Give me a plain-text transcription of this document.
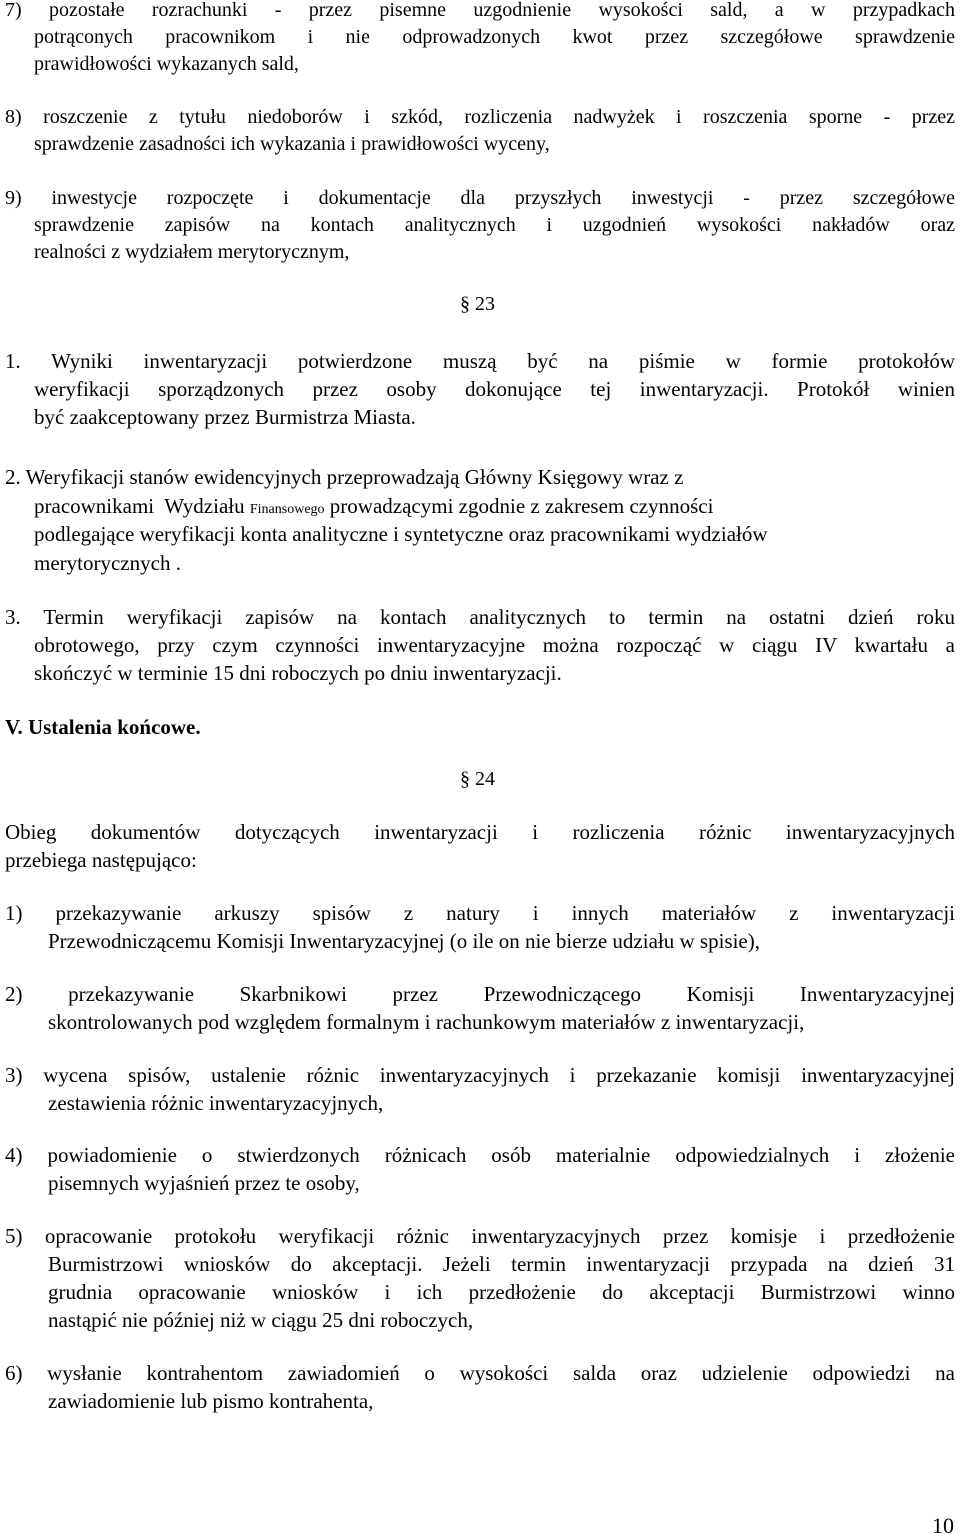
7) pozostałe rozrachunki - przez pisemne uzgodnienie wysokości sald, a w przypadkach
potrąconych pracownikom i nie odprowadzonych kwot przez szczegółowe sprawdzenie
prawidłowości wykazanych sald,
8) roszczenie z tytułu niedoborów i szkód, rozliczenia nadwyżek i roszczenia sporne - przez
sprawdzenie zasadności ich wykazania i prawidłowości wyceny,
9) inwestycje rozpoczęte i dokumentacje dla przyszłych inwestycji - przez szczegółowe
sprawdzenie zapisów na kontach analitycznych i uzgodnień wysokości nakładów oraz
realności z wydziałem merytorycznym,
§ 23
1. Wyniki inwentaryzacji potwierdzone muszą być na piśmie w formie protokołów
weryfikacji sporządzonych przez osoby dokonujące tej inwentaryzacji. Protokół winien
być zaakceptowany przez Burmistrza Miasta.
2. Weryfikacji stanów ewidencyjnych przeprowadzają Główny Księgowy wraz z
pracownikami  Wydziału Finansowego prowadzącymi zgodnie z zakresem czynności
podlegające weryfikacji konta analityczne i syntetyczne oraz pracownikami wydziałów
merytorycznych .
3. Termin weryfikacji zapisów na kontach analitycznych to termin na ostatni dzień roku
obrotowego, przy czym czynności inwentaryzacyjne można rozpocząć w ciągu IV kwartału a
skończyć w terminie 15 dni roboczych po dniu inwentaryzacji.
V. Ustalenia końcowe.
§ 24
Obieg dokumentów dotyczących inwentaryzacji i rozliczenia różnic inwentaryzacyjnych
przebiega następująco:
1) przekazywanie arkuszy spisów z natury i innych materiałów z inwentaryzacji
Przewodniczącemu Komisji Inwentaryzacyjnej (o ile on nie bierze udziału w spisie),
2) przekazywanie Skarbnikowi przez Przewodniczącego Komisji Inwentaryzacyjnej
skontrolowanych pod względem formalnym i rachunkowym materiałów z inwentaryzacji,
3) wycena spisów, ustalenie różnic inwentaryzacyjnych i przekazanie komisji inwentaryzacyjnej
zestawienia różnic inwentaryzacyjnych,
4) powiadomienie o stwierdzonych różnicach osób materialnie odpowiedzialnych i złożenie
pisemnych wyjaśnień przez te osoby,
5) opracowanie protokołu weryfikacji różnic inwentaryzacyjnych przez komisje i przedłożenie
Burmistrzowi wniosków do akceptacji. Jeżeli termin inwentaryzacji przypada na dzień 31
grudnia opracowanie wniosków i ich przedłożenie do akceptacji Burmistrzowi winno
nastąpić nie później niż w ciągu 25 dni roboczych,
6) wysłanie kontrahentom zawiadomień o wysokości salda oraz udzielenie odpowiedzi na
zawiadomienie lub pismo kontrahenta,
10
